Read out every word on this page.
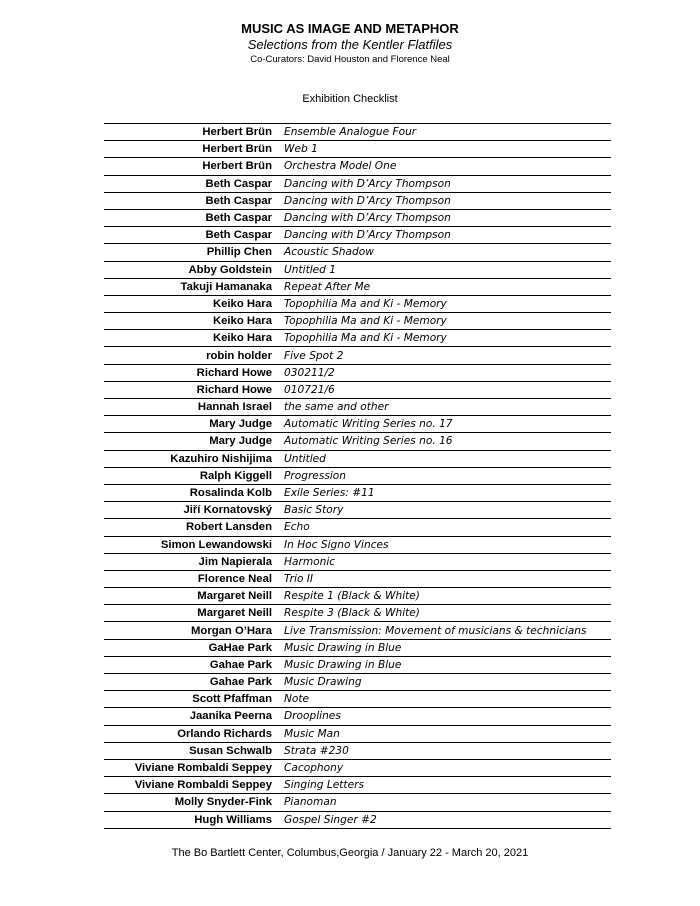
MUSIC AS IMAGE AND METAPHOR
Selections from the Kentler Flatfiles
Co-Curators: David Houston and Florence Neal
Exhibition Checklist
Herbert Brün	Ensemble Analogue Four
Herbert Brün	Web 1
Herbert Brün	Orchestra Model One
Beth Caspar	Dancing with D’Arcy Thompson
Beth Caspar	Dancing with D’Arcy Thompson
Beth Caspar	Dancing with D’Arcy Thompson
Beth Caspar	Dancing with D’Arcy Thompson
Phillip Chen	Acoustic Shadow
Abby Goldstein	Untitled 1
Takuji Hamanaka	Repeat After Me
Keiko Hara	Topophilia Ma and Ki - Memory
Keiko Hara	Topophilia Ma and Ki - Memory
Keiko Hara	Topophilia Ma and Ki - Memory
robin holder	Five Spot 2
Richard Howe	030211/2
Richard Howe	010721/6
Hannah Israel	the same and other
Mary Judge	Automatic Writing Series no. 17
Mary Judge	Automatic Writing Series no. 16
Kazuhiro Nishijima	Untitled
Ralph Kiggell	Progression
Rosalinda Kolb	Exile Series: #11
Jiří Kornatovský	Basic Story
Robert Lansden	Echo
Simon Lewandowski	In Hoc Signo Vinces
Jim Napierala	Harmonic
Florence Neal	Trio II
Margaret Neill	Respite 1 (Black & White)
Margaret Neill	Respite 3 (Black & White)
Morgan O’Hara	Live Transmission: Movement of musicians & technicians
GaHae Park	Music Drawing in Blue
Gahae Park	Music Drawing in Blue
Gahae Park	Music Drawing
Scott Pfaffman	Note
Jaanika Peerna	Drooplines
Orlando Richards	Music Man
Susan Schwalb	Strata #230
Viviane Rombaldi Seppey	Cacophony
Viviane Rombaldi Seppey	Singing Letters
Molly Snyder-Fink	Pianoman
Hugh Williams	Gospel Singer #2
The Bo Bartlett Center, Columbus,Georgia / January 22 - March 20, 2021
